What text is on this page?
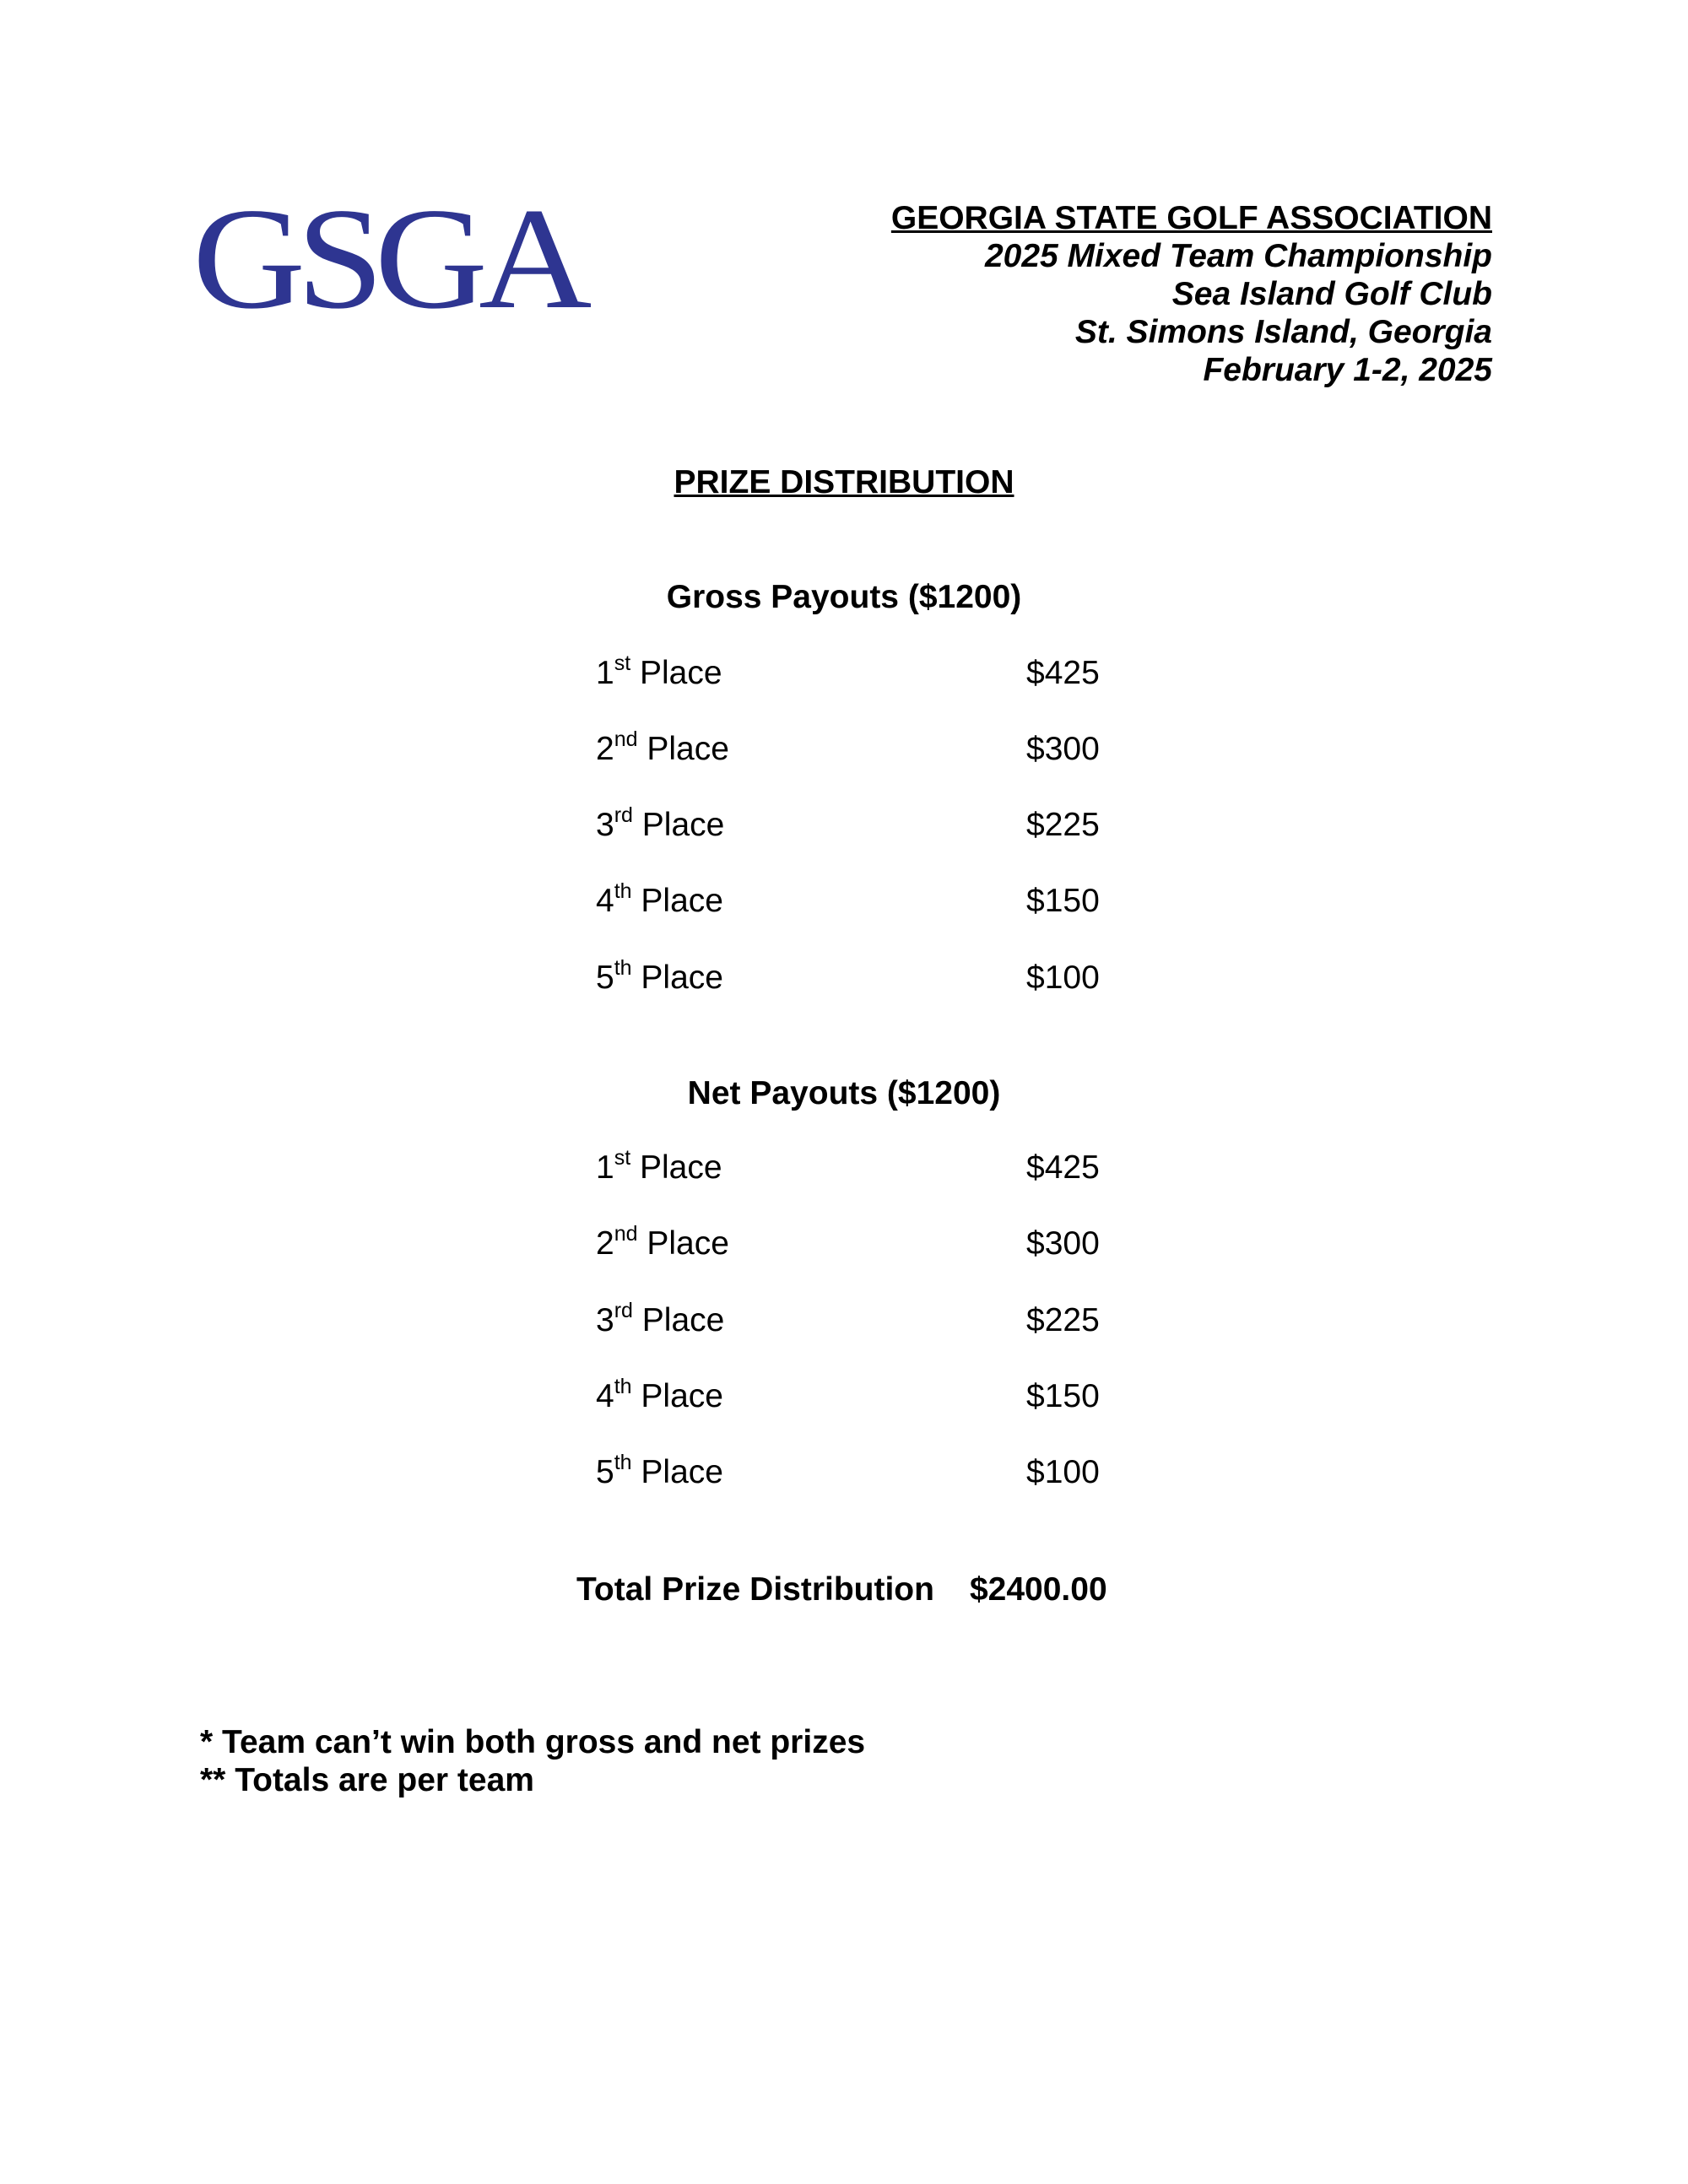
GSGA	GEORGIA STATE GOLF ASSOCIATION
2025 Mixed Team Championship
Sea Island Golf Club
St. Simons Island, Georgia
February 1-2, 2025
PRIZE DISTRIBUTION
Gross Payouts ($1200)
1st Place	$425
2nd Place	$300
3rd Place	$225
4th Place	$150
5th Place	$100
Net Payouts ($1200)
1st Place	$425
2nd Place	$300
3rd Place	$225
4th Place	$150
5th Place	$100
Total Prize Distribution $2400.00
* Team can’t win both gross and net prizes
** Totals are per team
